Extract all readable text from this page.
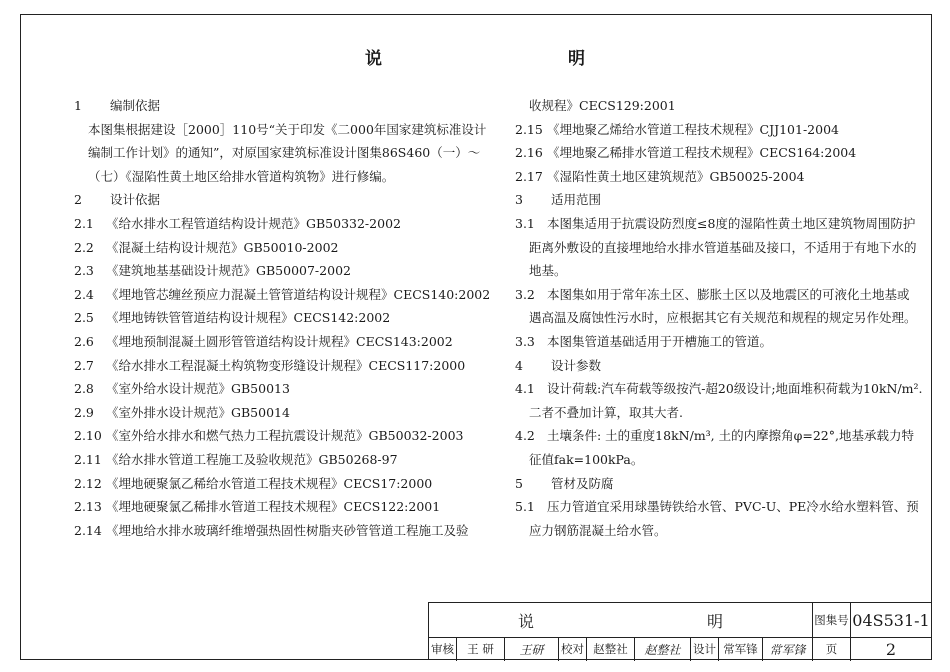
说 明
1 编制依据
本图集根据建设［2000］110号“关于印发《二000年国家建筑标准设计
编制工作计划》的通知”，对原国家建筑标准设计图集86S460（一）～
（七）《湿陷性黄土地区给排水管道构筑物》进行修编。
2 设计依据
2.1 《给水排水工程管道结构设计规范》GB50332-2002
2.2 《混凝土结构设计规范》GB50010-2002
2.3 《建筑地基基础设计规范》GB50007-2002
2.4 《埋地管芯缠丝预应力混凝土管管道结构设计规程》CECS140:2002
2.5 《埋地铸铁管管道结构设计规程》CECS142:2002
2.6 《埋地预制混凝土圆形管管道结构设计规程》CECS143:2002
2.7 《给水排水工程混凝土构筑物变形缝设计规程》CECS117:2000
2.8 《室外给水设计规范》GB50013
2.9 《室外排水设计规范》GB50014
2.10 《室外给水排水和燃气热力工程抗震设计规范》GB50032-2003
2.11 《给水排水管道工程施工及验收规范》GB50268-97
2.12 《埋地硬聚氯乙稀给水管道工程技术规程》CECS17:2000
2.13 《埋地硬聚氯乙稀排水管道工程技术规程》CECS122:2001
2.14 《埋地给水排水玻璃纤维增强热固性树脂夹砂管管道工程施工及验
收规程》CECS129:2001
2.15 《埋地聚乙烯给水管道工程技术规程》CJJ101-2004
2.16 《埋地聚乙稀排水管道工程技术规程》CECS164:2004
2.17 《湿陷性黄土地区建筑规范》GB50025-2004
3 适用范围
3.1 本图集适用于抗震设防烈度≤8度的湿陷性黄土地区建筑物周围防护
距离外敷设的直接埋地给水排水管道基础及接口，不适用于有地下水的
地基。
3.2 本图集如用于常年冻土区、膨胀土区以及地震区的可液化土地基或
遇高温及腐蚀性污水时，应根据其它有关规范和规程的规定另作处理。
3.3 本图集管道基础适用于开槽施工的管道。
4 设计参数
4.1 设计荷载:汽车荷载等级按汽-超20级设计;地面堆积荷载为10kN/m².
二者不叠加计算，取其大者.
4.2 土壤条件: 土的重度18kN/m³, 土的内摩擦角φ=22°,地基承载力特
征值fak=100kPa。
5 管材及防腐
5.1 压力管道宜采用球墨铸铁给水管、PVC-U、PE冷水给水塑料管、预
应力钢筋混凝土给水管。
说 明 图集号 04S531-1
审核	王 研	王研	校对 赵整社	赵整社	设计 常军锋 常军锋	页	2
